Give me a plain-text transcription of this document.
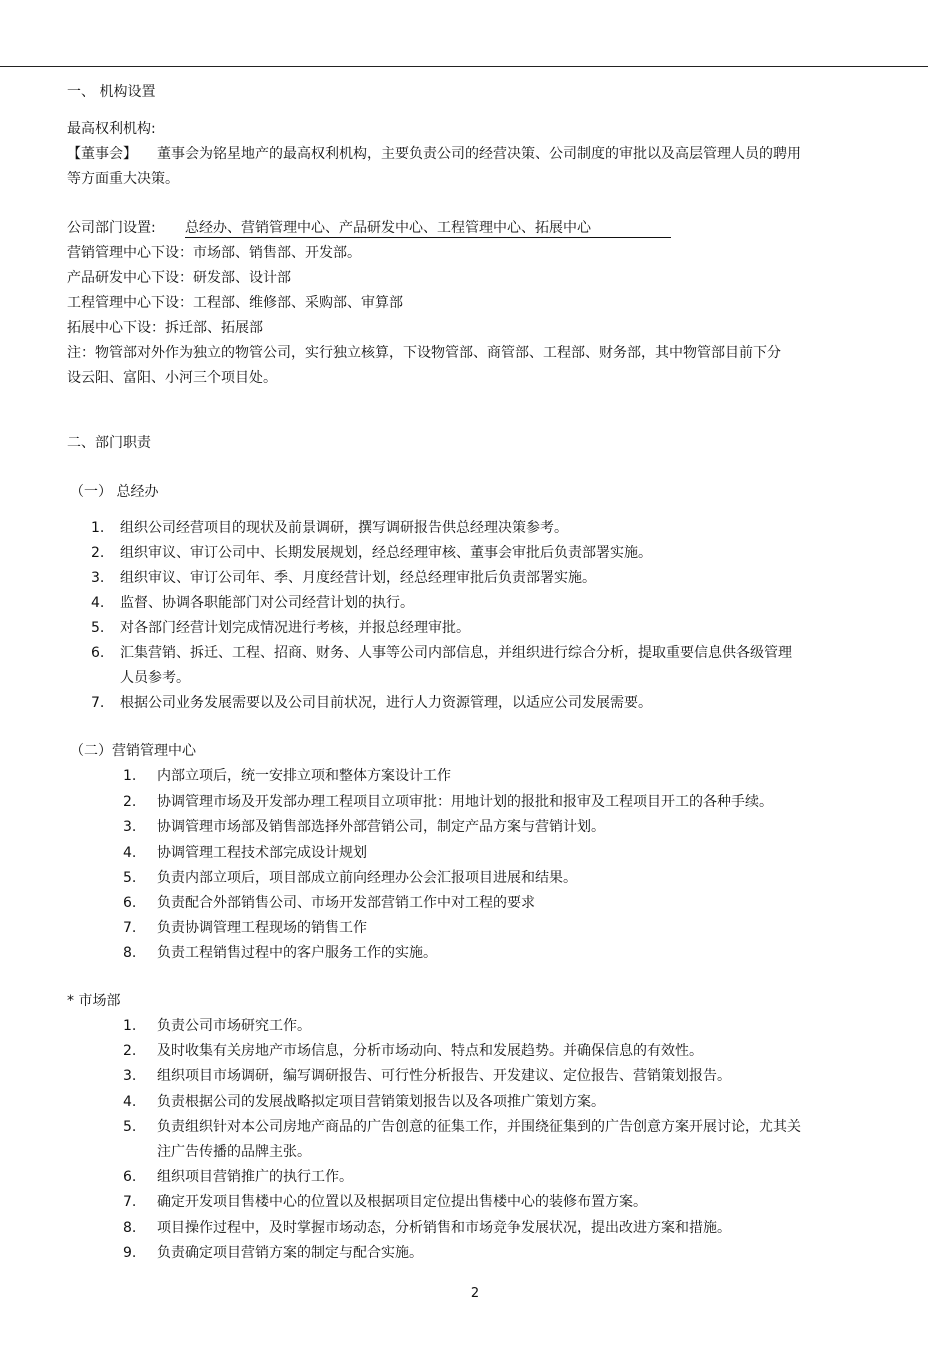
一、 机构设置
最高权利机构:
【董事会】 董事会为铭星地产的最高权利机构，主要负责公司的经营决策、公司制度的审批以及高层管理人员的聘用
等方面重大决策。
公司部门设置: 总经办、营销管理中心、产品研发中心、工程管理中心、拓展中心
营销管理中心下设：市场部、销售部、开发部。
产品研发中心下设：研发部、设计部
工程管理中心下设：工程部、维修部、采购部、审算部
拓展中心下设：拆迁部、拓展部
注：物管部对外作为独立的物管公司，实行独立核算，下设物管部、商管部、工程部、财务部，其中物管部目前下分
设云阳、富阳、小河三个项目处。
二、部门职责
（一） 总经办
1. 组织公司经营项目的现状及前景调研，撰写调研报告供总经理决策参考。
2. 组织审议、审订公司中、长期发展规划，经总经理审核、董事会审批后负责部署实施。
3. 组织审议、审订公司年、季、月度经营计划，经总经理审批后负责部署实施。
4. 监督、协调各职能部门对公司经营计划的执行。
5. 对各部门经营计划完成情况进行考核，并报总经理审批。
6. 汇集营销、拆迁、工程、招商、财务、人事等公司内部信息，并组织进行综合分析，提取重要信息供各级管理
人员参考。
7. 根据公司业务发展需要以及公司目前状况，进行人力资源管理，以适应公司发展需要。
（二）营销管理中心
1. 内部立项后，统一安排立项和整体方案设计工作
2. 协调管理市场及开发部办理工程项目立项审批：用地计划的报批和报审及工程项目开工的各种手续。
3. 协调管理市场部及销售部选择外部营销公司，制定产品方案与营销计划。
4. 协调管理工程技术部完成设计规划
5. 负责内部立项后，项目部成立前向经理办公会汇报项目进展和结果。
6. 负责配合外部销售公司、市场开发部营销工作中对工程的要求
7. 负责协调管理工程现场的销售工作
8. 负责工程销售过程中的客户服务工作的实施。
* 市场部
1. 负责公司市场研究工作。
2. 及时收集有关房地产市场信息，分析市场动向、特点和发展趋势。并确保信息的有效性。
3. 组织项目市场调研，编写调研报告、可行性分析报告、开发建议、定位报告、营销策划报告。
4. 负责根据公司的发展战略拟定项目营销策划报告以及各项推广策划方案。
5. 负责组织针对本公司房地产商品的广告创意的征集工作，并围绕征集到的广告创意方案开展讨论，尤其关
注广告传播的品牌主张。
6. 组织项目营销推广的执行工作。
7. 确定开发项目售楼中心的位置以及根据项目定位提出售楼中心的装修布置方案。
8. 项目操作过程中，及时掌握市场动态，分析销售和市场竞争发展状况，提出改进方案和措施。
9. 负责确定项目营销方案的制定与配合实施。
2
